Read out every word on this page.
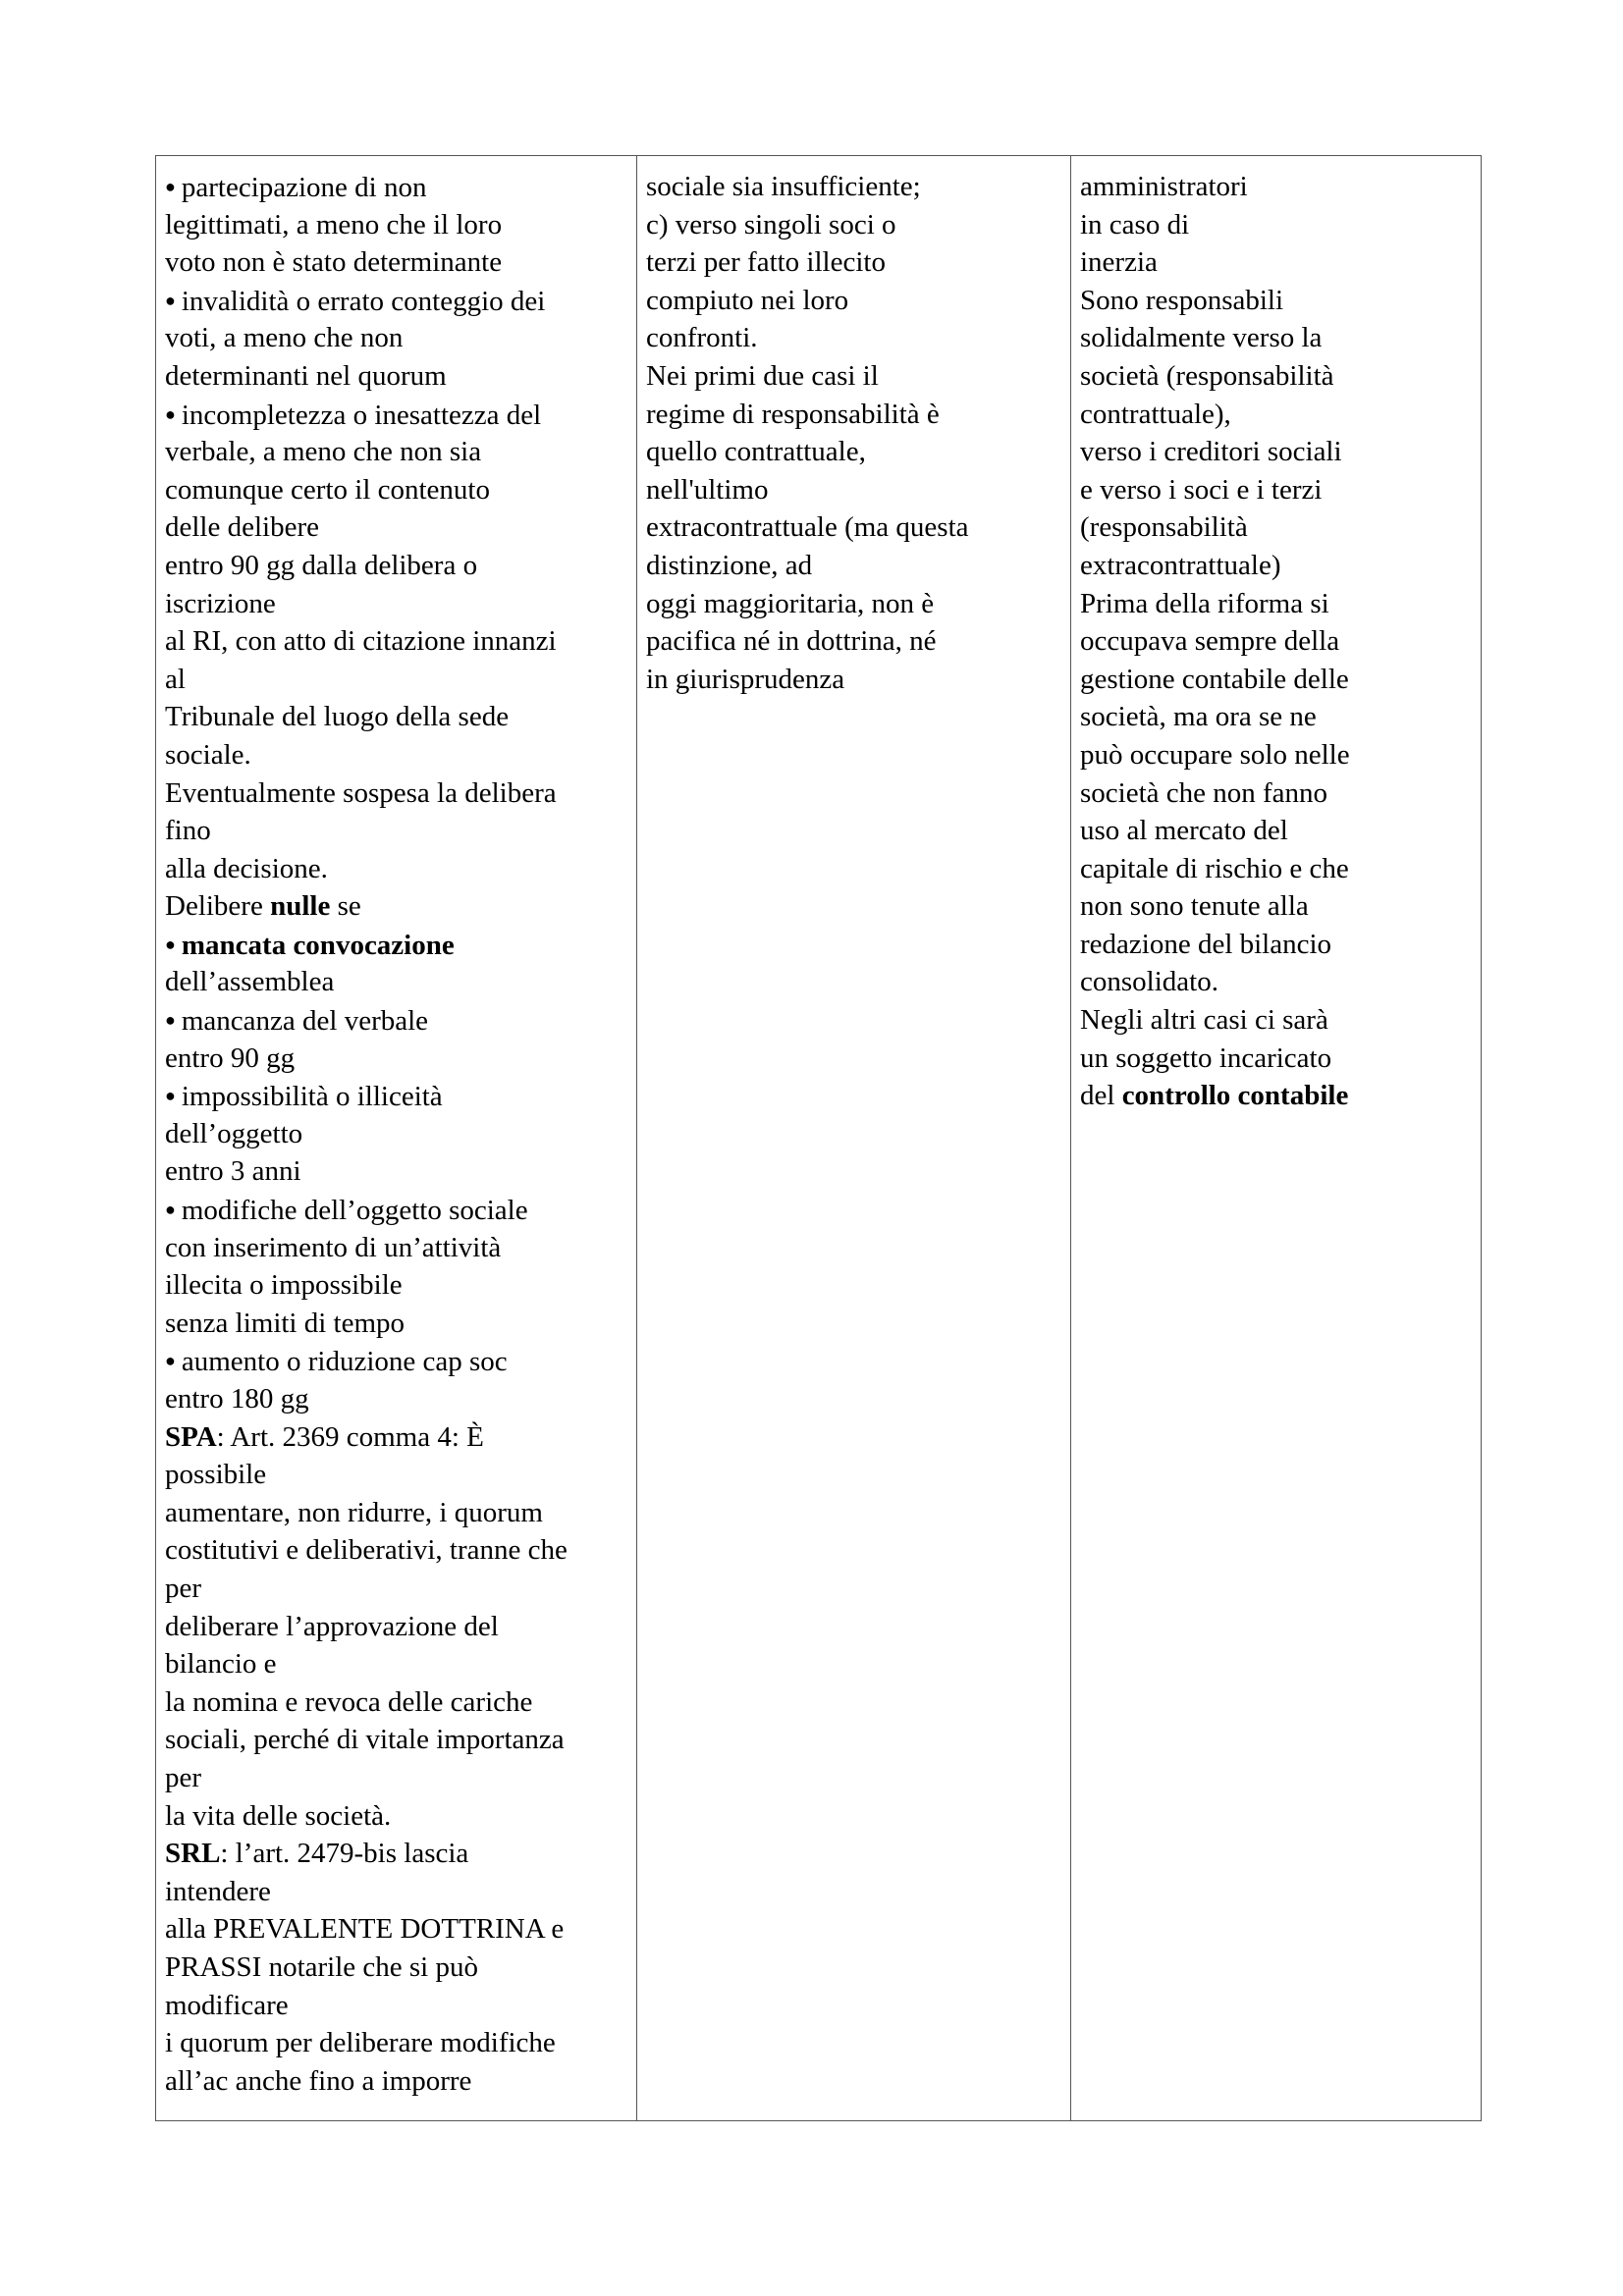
● partecipazione di non
legittimati, a meno che il loro
voto non è stato determinante
● invalidità o errato conteggio dei
voti, a meno che non
determinanti nel quorum
● incompletezza o inesattezza del
verbale, a meno che non sia
comunque certo il contenuto
delle delibere
entro 90 gg dalla delibera o
iscrizione
al RI, con atto di citazione innanzi
al
Tribunale del luogo della sede
sociale.
Eventualmente sospesa la delibera
fino
alla decisione.
Delibere nulle se
● mancata convocazione
dell’assemblea
● mancanza del verbale
entro 90 gg
● impossibilità o illiceità
dell’oggetto
entro 3 anni
● modifiche dell’oggetto sociale
con inserimento di un’attività
illecita o impossibile
senza limiti di tempo
● aumento o riduzione cap soc
entro 180 gg
SPA: Art. 2369 comma 4: È
possibile
aumentare, non ridurre, i quorum
costitutivi e deliberativi, tranne che
per
deliberare l’approvazione del
bilancio e
la nomina e revoca delle cariche
sociali, perché di vitale importanza
per
la vita delle società.
SRL: l’art. 2479-bis lascia
intendere
alla PREVALENTE DOTTRINA e
PRASSI notarile che si può
modificare
i quorum per deliberare modifiche
all’ac anche fino a imporre
sociale sia insufficiente;
c) verso singoli soci o
terzi per fatto illecito
compiuto nei loro
confronti.
Nei primi due casi il
regime di responsabilità è
quello contrattuale,
nell'ultimo
extracontrattuale (ma questa
distinzione, ad
oggi maggioritaria, non è
pacifica né in dottrina, né
in giurisprudenza
amministratori
in caso di
inerzia
Sono responsabili
solidalmente verso la
società (responsabilità
contrattuale),
verso i creditori sociali
e verso i soci e i terzi
(responsabilità
extracontrattuale)
Prima della riforma si
occupava sempre della
gestione contabile delle
società, ma ora se ne
può occupare solo nelle
società che non fanno
uso al mercato del
capitale di rischio e che
non sono tenute alla
redazione del bilancio
consolidato.
Negli altri casi ci sarà
un soggetto incaricato
del controllo contabile
